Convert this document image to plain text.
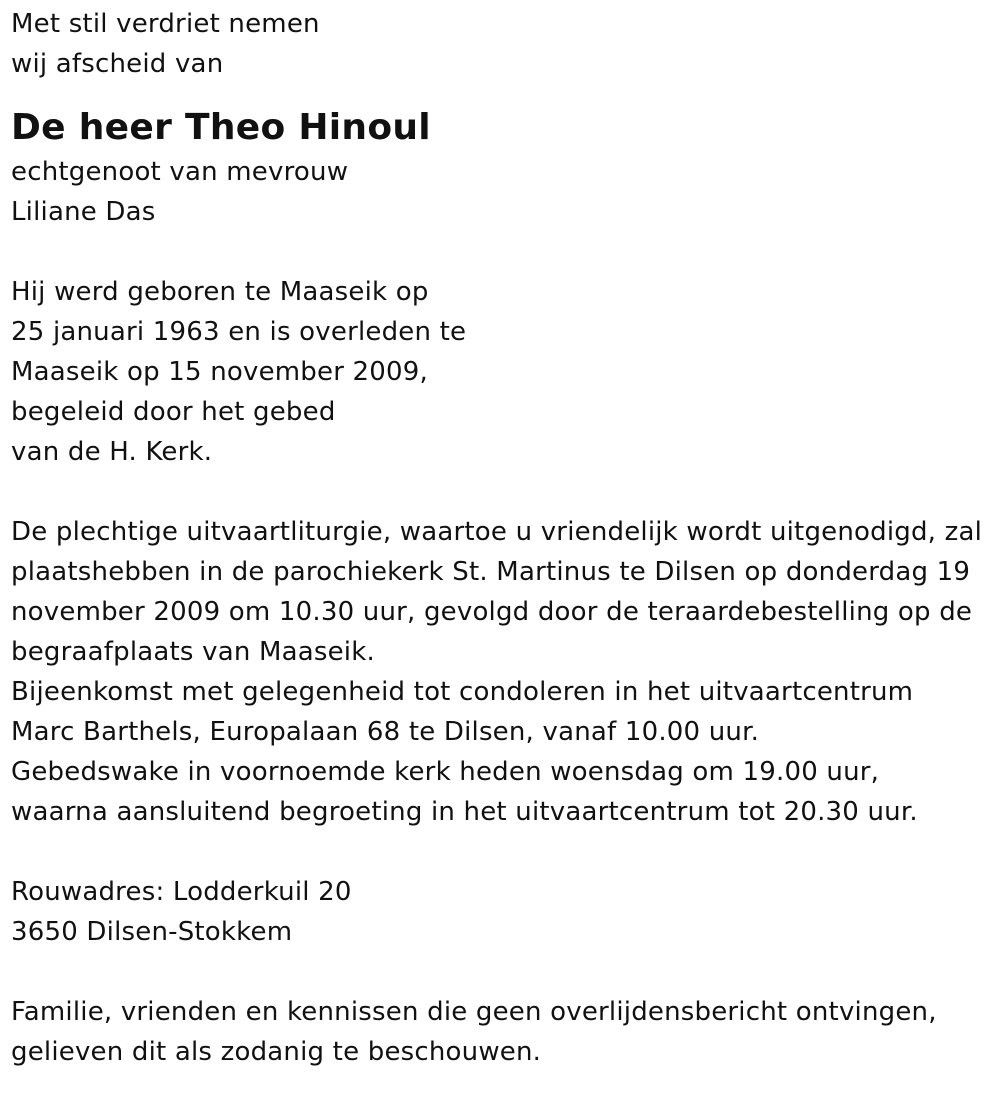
Met stil verdriet nemen
wij afscheid van
De heer Theo Hinoul
echtgenoot van mevrouw
Liliane Das
Hij werd geboren te Maaseik op
25 januari 1963 en is overleden te
Maaseik op 15 november 2009,
begeleid door het gebed
van de H. Kerk.
De plechtige uitvaartliturgie, waartoe u vriendelijk wordt uitgenodigd, zal
plaatshebben in de parochiekerk St. Martinus te Dilsen op donderdag 19
november 2009 om 10.30 uur, gevolgd door de teraardebestelling op de
begraafplaats van Maaseik.
Bijeenkomst met gelegenheid tot condoleren in het uitvaartcentrum
Marc Barthels, Europalaan 68 te Dilsen, vanaf 10.00 uur.
Gebedswake in voornoemde kerk heden woensdag om 19.00 uur,
waarna aansluitend begroeting in het uitvaartcentrum tot 20.30 uur.
Rouwadres: Lodderkuil 20
3650 Dilsen-Stokkem
Familie, vrienden en kennissen die geen overlijdensbericht ontvingen,
gelieven dit als zodanig te beschouwen.
